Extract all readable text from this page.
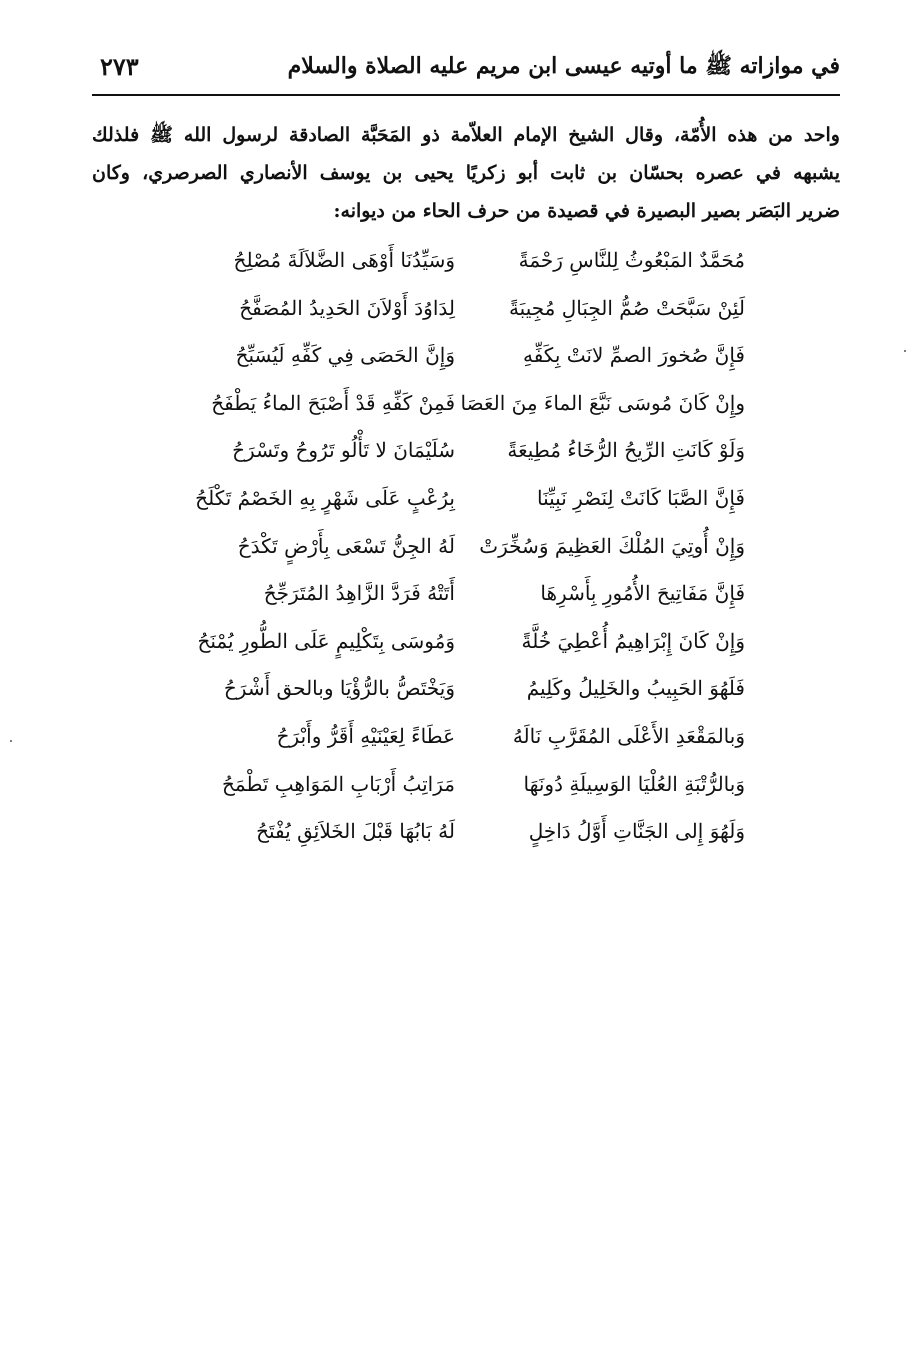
في موازاته ﷺ ما أوتيه عيسى ابن مريم عليه الصلاة والسلام
٢٧٣
واحد من هذه الأُمّة، وقال الشيخ الإمام العلاّمة ذو المَحَبَّة الصادقة لرسول الله ﷺ فلذلك
يشبهه في عصره بحسّان بن ثابت أبو زكريًا يحيى بن يوسف الأنصاري الصرصري، وكان
ضرير البَصَر بصير البصيرة في قصيدة من حرف الحاء من ديوانه:
مُحَمَّدٌ المَبْعُوثُ لِلنَّاسِ رَحْمَةً
وَسَيِّدُنَا أَوْهَى الضَّلاَلَةَ مُصْلِحُ
لَئِنْ سَبَّحَتْ صُمُّ الجِبَالِ مُجِيبَةً
لِدَاوُدَ أَوْلاَنَ الحَدِيدُ المُصَفَّحُ
فَإِنَّ صُخورَ الصمِّ لانَتْ بِكَفِّهِ
وَإِنَّ الحَصَى فِي كَفِّهِ لَيُسَبِّحُ
وإِنْ كَانَ مُوسَى نَبَّعَ الماءَ مِنَ العَصَا
فَمِنْ كَفِّهِ قَدْ أَصْبَحَ الماءُ يَطْفَحُ
وَلَوْ كَانَتِ الرِّيحُ الرُّخَاءُ مُطِيعَةً
سُلَيْمَانَ لا تَأْلُو تَرُوحُ وتَسْرَحُ
فَإِنَّ الصَّبَا كَانَتْ لِنَصْرِ نَبِيِّنَا
بِرُعْبٍ عَلَى شَهْرٍ بِهِ الخَصْمُ تَكْلَحُ
وَإِنْ أُوتِيَ المُلْكَ العَظِيمَ وَسُخِّرَتْ
لَهُ الجِنُّ تَسْعَى بِأَرْضٍ تَكْدَحُ
فَإِنَّ مَفَاتِيحَ الأُمُورِ بِأَسْرِهَا
أَتَتْهُ فَرَدَّ الزَّاهِدُ المُتَرَجِّحُ
وَإِنْ كَانَ إِبْرَاهِيمُ أُعْطِيَ خُلَّةً
وَمُوسَى بِتَكْلِيمٍ عَلَى الطُّورِ يُمْنَحُ
فَلَهُوَ الحَبِيبُ والخَلِيلُ وكَلِيمُ
وَيَخْتَصُّ بالرُّؤْيَا وبالحق أَشْرَحُ
وَبالمَقْعَدِ الأَعْلَى المُقَرَّبِ نَالَهُ
عَطَاءً لِعَيْنَيْهِ أَقَرُّ وأَبْرَحُ
وَبالرُّتْبَةِ العُلْيَا الوَسِيلَةِ دُونَهَا
مَرَاتِبُ أَرْبَابِ المَوَاهِبِ تَطْمَحُ
وَلَهُوَ إِلى الجَنَّاتِ أَوَّلُ دَاخِلٍ
لَهُ بَابُهَا قَبْلَ الخَلاَئِقِ يُفْتَحُ
